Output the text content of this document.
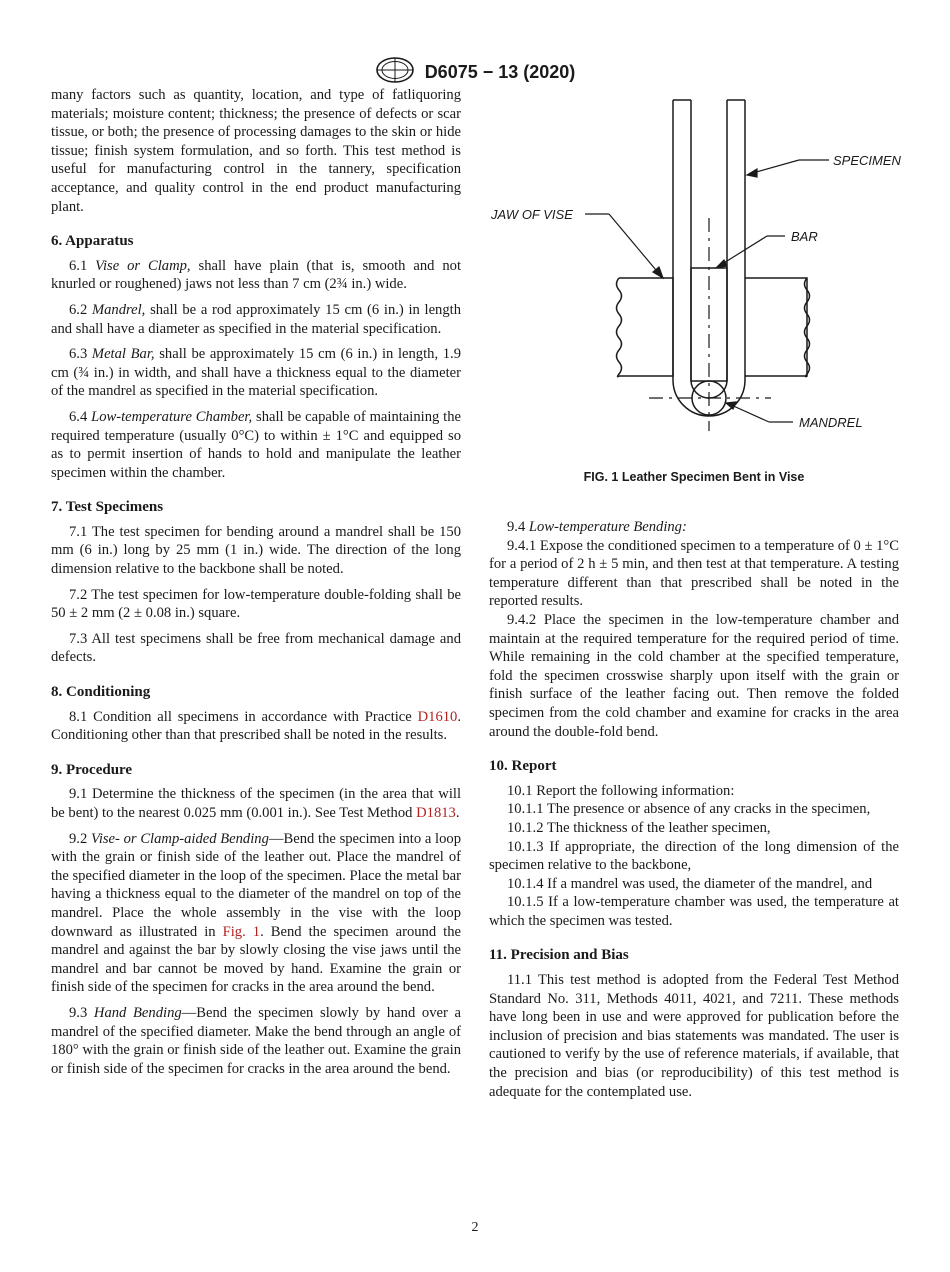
D6075 − 13 (2020)

many factors such as quantity, location, and type of fatliquoring materials; moisture content; thickness; the presence of defects or scar tissue, or both; the presence of processing damages to the skin or hide tissue; finish system formulation, and so forth. This test method is useful for manufacturing control in the tannery, specification acceptance, and quality control in the end product manufacturing plant.

6. Apparatus

6.1 Vise or Clamp, shall have plain (that is, smooth and not knurled or roughened) jaws not less than 7 cm (2¾ in.) wide.

6.2 Mandrel, shall be a rod approximately 15 cm (6 in.) in length and shall have a diameter as specified in the material specification.

6.3 Metal Bar, shall be approximately 15 cm (6 in.) in length, 1.9 cm (¾ in.) in width, and shall have a thickness equal to the diameter of the mandrel as specified in the material specification.

6.4 Low-temperature Chamber, shall be capable of maintaining the required temperature (usually 0°C) to within ± 1°C and equipped so as to permit insertion of hands to hold and manipulate the leather specimen within the chamber.

7. Test Specimens

7.1 The test specimen for bending around a mandrel shall be 150 mm (6 in.) long by 25 mm (1 in.) wide. The direction of the long dimension relative to the backbone shall be noted.

7.2 The test specimen for low-temperature double-folding shall be 50 ± 2 mm (2 ± 0.08 in.) square.

7.3 All test specimens shall be free from mechanical damage and defects.

8. Conditioning

8.1 Condition all specimens in accordance with Practice D1610. Conditioning other than that prescribed shall be noted in the results.

9. Procedure

9.1 Determine the thickness of the specimen (in the area that will be bent) to the nearest 0.025 mm (0.001 in.). See Test Method D1813.

9.2 Vise- or Clamp-aided Bending—Bend the specimen into a loop with the grain or finish side of the leather out. Place the mandrel of the specified diameter in the loop of the specimen. Place the metal bar having a thickness equal to the diameter of the mandrel on top of the mandrel. Place the whole assembly in the vise with the loop downward as illustrated in Fig. 1. Bend the specimen around the mandrel and against the bar by slowly closing the vise jaws until the mandrel and bar cannot be moved by hand. Examine the grain or finish side of the specimen for cracks in the area around the bend.

9.3 Hand Bending—Bend the specimen slowly by hand over a mandrel of the specified diameter. Make the bend through an angle of 180° with the grain or finish side of the leather out. Examine the grain or finish side of the specimen for cracks in the area around the bend.

SPECIMEN
JAW OF VISE
BAR
MANDREL
FIG. 1 Leather Specimen Bent in Vise

9.4 Low-temperature Bending:

9.4.1 Expose the conditioned specimen to a temperature of 0 ± 1°C for a period of 2 h ± 5 min, and then test at that temperature. A testing temperature different than that prescribed shall be noted in the reported results.

9.4.2 Place the specimen in the low-temperature chamber and maintain at the required temperature for the required period of time. While remaining in the cold chamber at the specified temperature, fold the specimen crosswise sharply upon itself with the grain or finish surface of the leather facing out. Then remove the folded specimen from the cold chamber and examine for cracks in the area around the double-fold bend.

10. Report

10.1 Report the following information:

10.1.1 The presence or absence of any cracks in the specimen,

10.1.2 The thickness of the leather specimen,

10.1.3 If appropriate, the direction of the long dimension of the specimen relative to the backbone,

10.1.4 If a mandrel was used, the diameter of the mandrel, and

10.1.5 If a low-temperature chamber was used, the temperature at which the specimen was tested.

11. Precision and Bias

11.1 This test method is adopted from the Federal Test Method Standard No. 311, Methods 4011, 4021, and 7211. These methods have long been in use and were approved for publication before the inclusion of precision and bias statements was mandated. The user is cautioned to verify by the use of reference materials, if available, that the precision and bias (or reproducibility) of this test method is adequate for the contemplated use.

2
